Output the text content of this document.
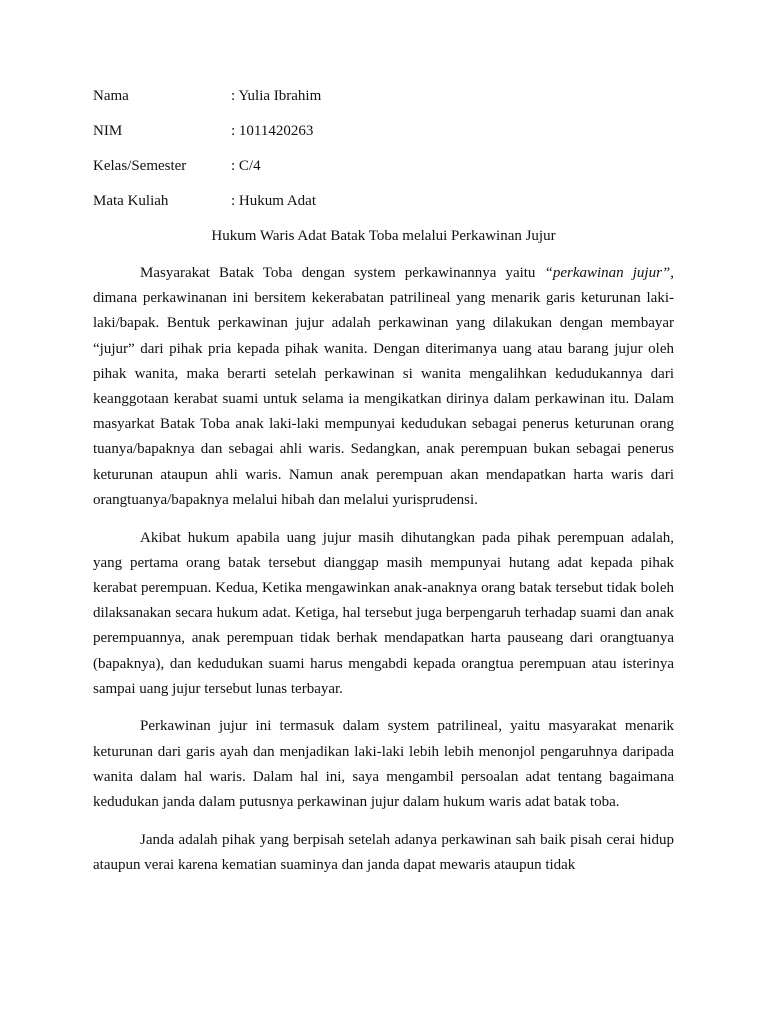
Nama	: Yulia Ibrahim
NIM	: 1011420263
Kelas/Semester	: C/4
Mata Kuliah	: Hukum Adat
Hukum Waris Adat Batak Toba melalui Perkawinan Jujur

Masyarakat Batak Toba dengan system perkawinannya yaitu “perkawinan jujur”, dimana perkawinanan ini bersitem kekerabatan patrilineal yang menarik garis keturunan laki-laki/bapak. Bentuk perkawinan jujur adalah perkawinan yang dilakukan dengan membayar “jujur” dari pihak pria kepada pihak wanita. Dengan diterimanya uang atau barang jujur oleh pihak wanita, maka berarti setelah perkawinan si wanita mengalihkan kedudukannya dari keanggotaan kerabat suami untuk selama ia mengikatkan dirinya dalam perkawinan itu. Dalam masyarkat Batak Toba anak laki-laki mempunyai kedudukan sebagai penerus keturunan orang tuanya/bapaknya dan sebagai ahli waris. Sedangkan, anak perempuan bukan sebagai penerus keturunan ataupun ahli waris. Namun anak perempuan akan mendapatkan harta waris dari orangtuanya/bapaknya melalui hibah dan melalui yurisprudensi.

Akibat hukum apabila uang jujur masih dihutangkan pada pihak perempuan adalah, yang pertama orang batak tersebut dianggap masih mempunyai hutang adat kepada pihak kerabat perempuan. Kedua, Ketika mengawinkan anak-anaknya orang batak tersebut tidak boleh dilaksanakan secara hukum adat. Ketiga, hal tersebut juga berpengaruh terhadap suami dan anak perempuannya, anak perempuan tidak berhak mendapatkan harta pauseang dari orangtuanya (bapaknya), dan kedudukan suami harus mengabdi kepada orangtua perempuan atau isterinya sampai uang jujur tersebut lunas terbayar.

Perkawinan jujur ini termasuk dalam system patrilineal, yaitu masyarakat menarik keturunan dari garis ayah dan menjadikan laki-laki lebih lebih menonjol pengaruhnya daripada wanita dalam hal waris. Dalam hal ini, saya mengambil persoalan adat tentang bagaimana kedudukan janda dalam putusnya perkawinan jujur dalam hukum waris adat batak toba.

Janda adalah pihak yang berpisah setelah adanya perkawinan sah baik pisah cerai hidup ataupun verai karena kematian suaminya dan janda dapat mewaris ataupun tidak
